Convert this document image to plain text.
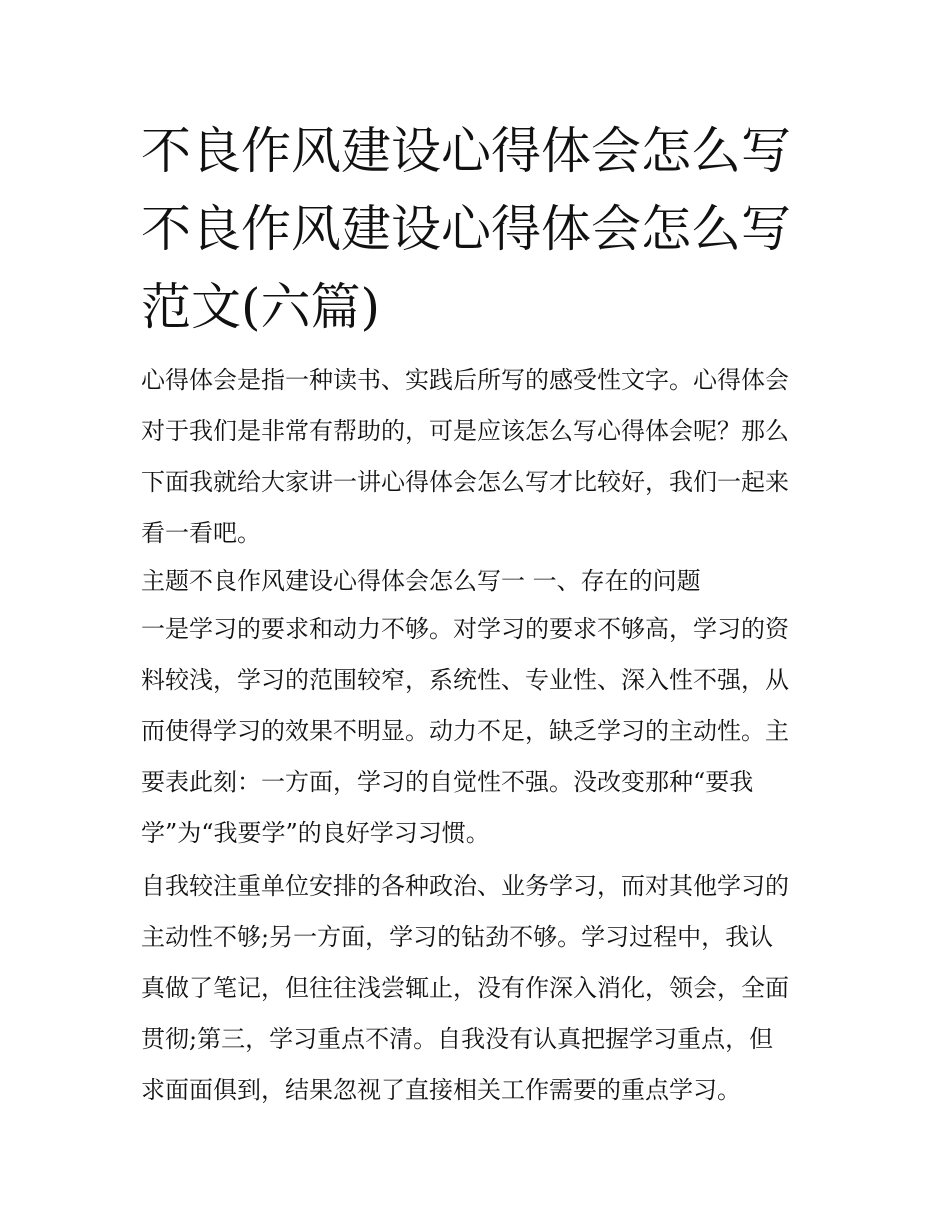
不良作风建设心得体会怎么写
不良作风建设心得体会怎么写
范文(六篇)
心得体会是指一种读书、实践后所写的感受性文字。心得体会
对于我们是非常有帮助的，可是应该怎么写心得体会呢？那么
下面我就给大家讲一讲心得体会怎么写才比较好，我们一起来
看一看吧。
主题不良作风建设心得体会怎么写一 一、存在的问题
一是学习的要求和动力不够。对学习的要求不够高，学习的资
料较浅，学习的范围较窄，系统性、专业性、深入性不强，从
而使得学习的效果不明显。动力不足，缺乏学习的主动性。主
要表此刻：一方面，学习的自觉性不强。没改变那种“要我
学”为“我要学”的良好学习习惯。
自我较注重单位安排的各种政治、业务学习，而对其他学习的
主动性不够;另一方面，学习的钻劲不够。学习过程中，我认
真做了笔记，但往往浅尝辄止，没有作深入消化，领会，全面
贯彻;第三，学习重点不清。自我没有认真把握学习重点，但
求面面俱到，结果忽视了直接相关工作需要的重点学习。
